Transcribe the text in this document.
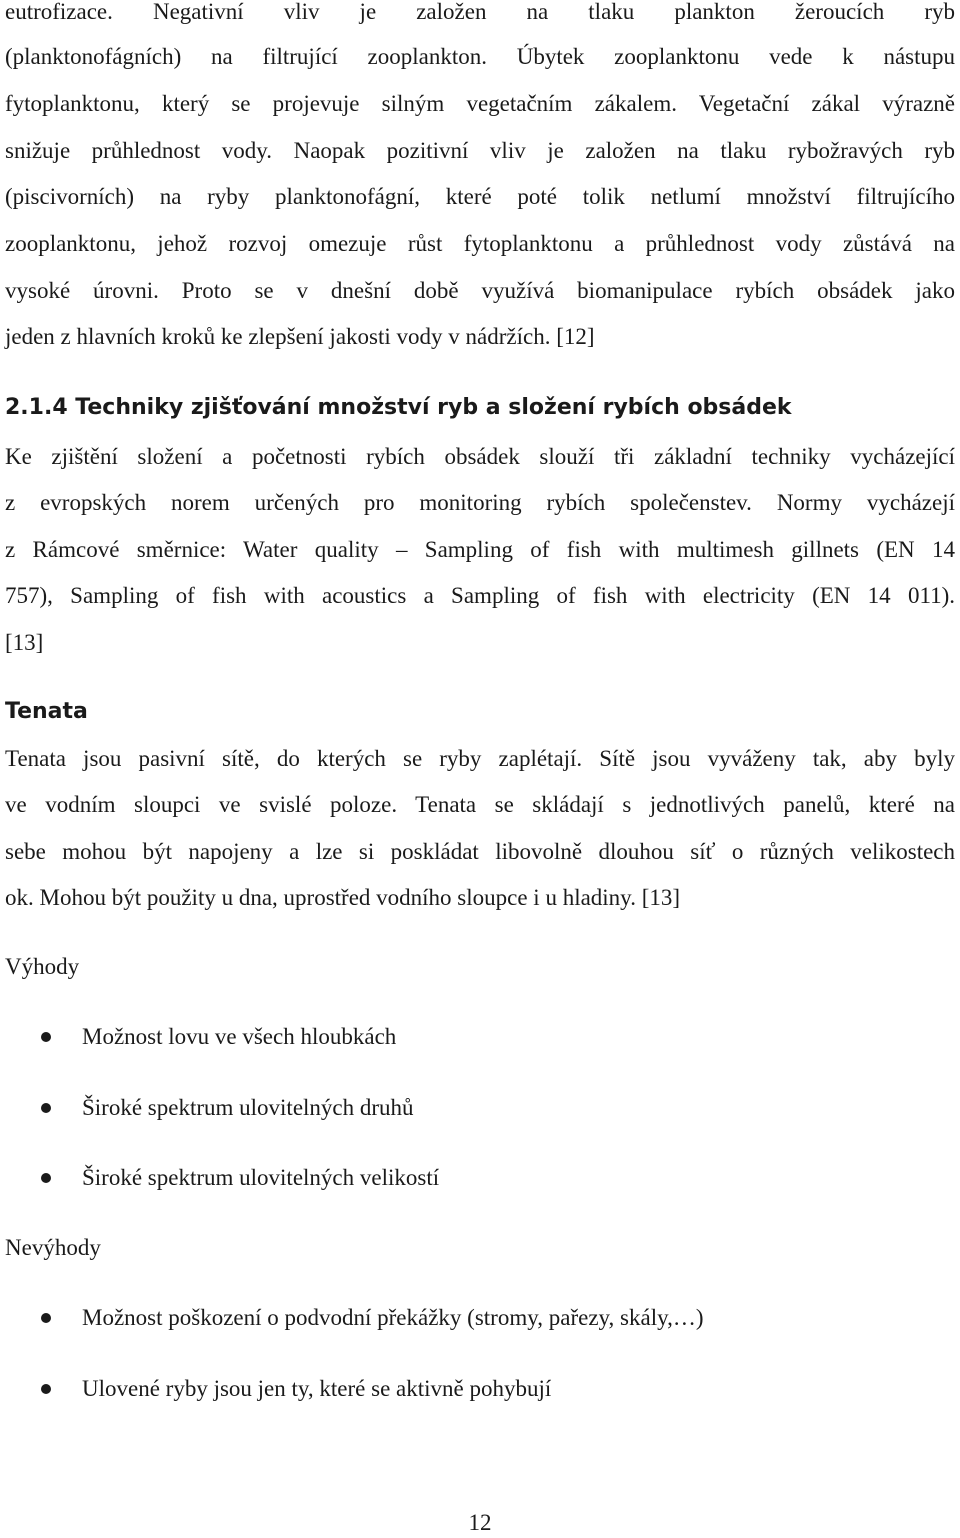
eutrofizace. Negativní vliv je založen na tlaku plankton žeroucích ryb
(planktonofágních) na filtrující zooplankton. Úbytek zooplanktonu vede k nástupu
fytoplanktonu, který se projevuje silným vegetačním zákalem. Vegetační zákal výrazně
snižuje průhlednost vody. Naopak pozitivní vliv je založen na tlaku rybožravých ryb
(piscivorních) na ryby planktonofágní, které poté tolik netlumí množství filtrujícího
zooplanktonu, jehož rozvoj omezuje růst fytoplanktonu a průhlednost vody zůstává na
vysoké úrovni. Proto se v dnešní době využívá biomanipulace rybích obsádek jako
jeden z hlavních kroků ke zlepšení jakosti vody v nádržích. [12]
2.1.4 Techniky zjišťování množství ryb a složení rybích obsádek
Ke zjištění složení a početnosti rybích obsádek slouží tři základní techniky vycházející
z evropských norem určených pro monitoring rybích společenstev. Normy vycházejí
z Rámcové směrnice: Water quality – Sampling of fish with multimesh gillnets (EN 14
757), Sampling of fish with acoustics a Sampling of fish with electricity (EN 14 011).
[13]
Tenata
Tenata jsou pasivní sítě, do kterých se ryby zaplétají. Sítě jsou vyváženy tak, aby byly
ve vodním sloupci ve svislé poloze. Tenata se skládají s jednotlivých panelů, které na
sebe mohou být napojeny a lze si poskládat libovolně dlouhou síť o různých velikostech
ok. Mohou být použity u dna, uprostřed vodního sloupce i u hladiny. [13]
Výhody
Možnost lovu ve všech hloubkách
Široké spektrum ulovitelných druhů
Široké spektrum ulovitelných velikostí
Nevýhody
Možnost poškození o podvodní překážky (stromy, pařezy, skály,…)
Ulovené ryby jsou jen ty, které se aktivně pohybují
12
